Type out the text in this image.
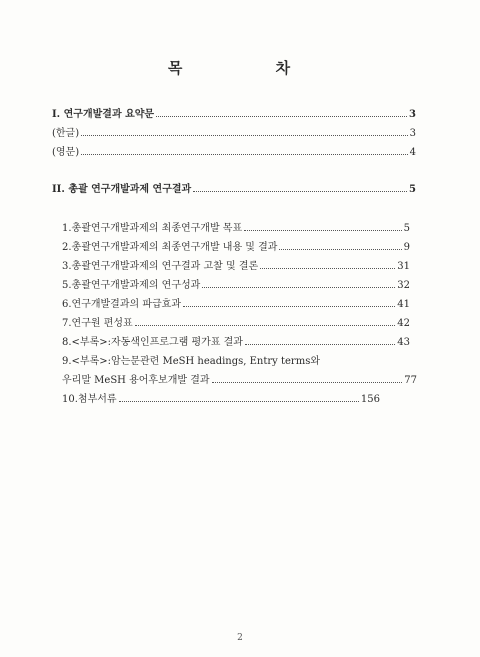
목 차
I. 연구개발결과 요약문	3
(한글)	3
(영문)	4
II. 총괄 연구개발과제 연구결과	5
1.총괄연구개발과제의 최종연구개발 목표	5
2.총괄연구개발과제의 최종연구개발 내용 및 결과	9
3.총괄연구개발과제의 연구결과 고찰 및 결론	31
5.총괄연구개발과제의 연구성과	32
6.연구개발결과의 파급효과	41
7.연구원 편성표	42
8.<부록>:자동색인프로그램 평가표 결과	43
9.<부록>:암는문관련 MeSH headings, Entry terms와
우리말 MeSH 용어후보개발 결과	77
10.첨부서류	156
2
